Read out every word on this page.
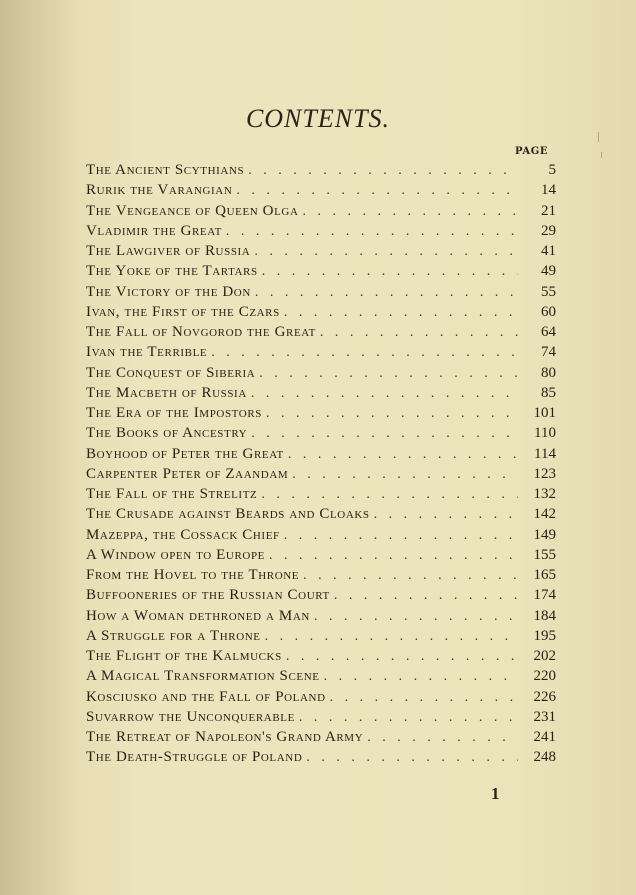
CONTENTS.
PAGE
The Ancient Scythians . . .	5
Rurik the Varangian . . .	14
The Vengeance of Queen Olga . . .	21
Vladimir the Great . . .	29
The Lawgiver of Russia . . .	41
The Yoke of the Tartars . . .	49
The Victory of the Don . . .	55
Ivan, the First of the Czars . . .	60
The Fall of Novgorod the Great . . .	64
Ivan the Terrible . . .	74
The Conquest of Siberia . . .	80
The Macbeth of Russia . . .	85
The Era of the Impostors . . .	101
The Books of Ancestry . . .	110
Boyhood of Peter the Great . . .	114
Carpenter Peter of Zaandam . . .	123
The Fall of the Strelitz . . .	132
The Crusade against Beards and Cloaks . . .	142
Mazeppa, the Cossack Chief . . .	149
A Window open to Europe . . .	155
From the Hovel to the Throne . . .	165
Buffooneries of the Russian Court . . .	174
How a Woman dethroned a Man . . .	184
A Struggle for a Throne . . .	195
The Flight of the Kalmucks . . .	202
A Magical Transformation Scene . . .	220
Kosciusko and the Fall of Poland . . .	226
Suvarrow the Unconquerable . . .	231
The Retreat of Napoleon's Grand Army . . .	241
The Death-Struggle of Poland . . .	248
1
